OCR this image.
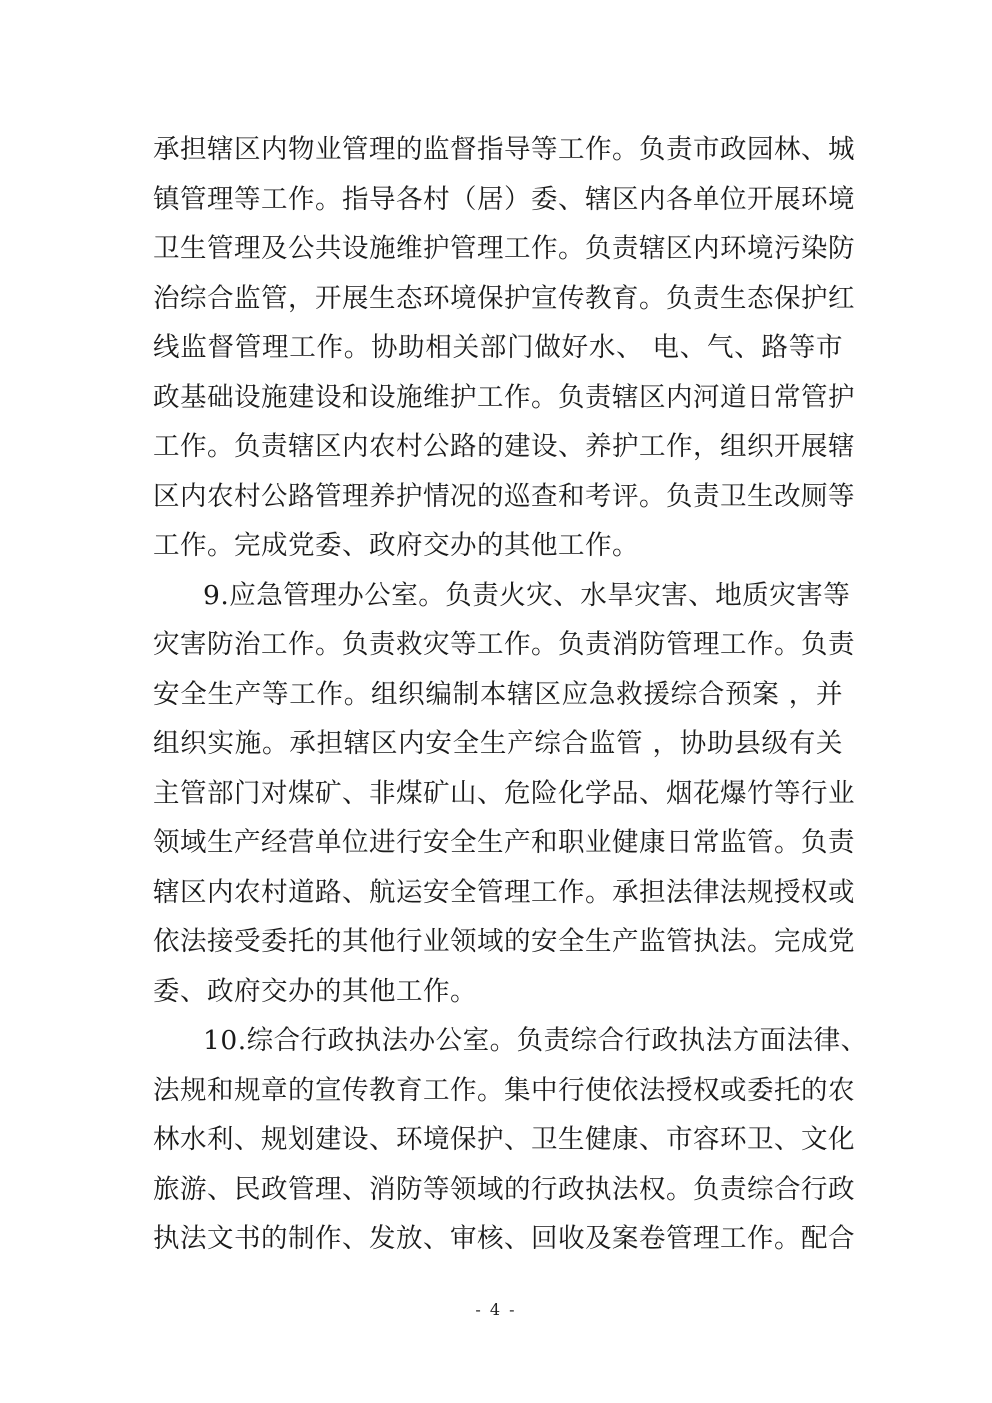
承担辖区内物业管理的监督指导等工作。负责市政园林、城
镇管理等工作。指导各村（居）委、辖区内各单位开展环境
卫生管理及公共设施维护管理工作。负责辖区内环境污染防
治综合监管，开展生态环境保护宣传教育。负责生态保护红
线监督管理工作。协助相关部门做好水、 电、气、路等市
政基础设施建设和设施维护工作。负责辖区内河道日常管护
工作。负责辖区内农村公路的建设、养护工作，组织开展辖
区内农村公路管理养护情况的巡查和考评。负责卫生改厕等
工作。完成党委、政府交办的其他工作。
9.应急管理办公室。负责火灾、水旱灾害、地质灾害等
灾害防治工作。负责救灾等工作。负责消防管理工作。负责
安全生产等工作。组织编制本辖区应急救援综合预案 ，并
组织实施。承担辖区内安全生产综合监管 ，协助县级有关
主管部门对煤矿、非煤矿山、危险化学品、烟花爆竹等行业
领域生产经营单位进行安全生产和职业健康日常监管。负责
辖区内农村道路、航运安全管理工作。承担法律法规授权或
依法接受委托的其他行业领域的安全生产监管执法。完成党
委、政府交办的其他工作。
10.综合行政执法办公室。负责综合行政执法方面法律、
法规和规章的宣传教育工作。集中行使依法授权或委托的农
林水利、规划建设、环境保护、卫生健康、市容环卫、文化
旅游、民政管理、消防等领域的行政执法权。负责综合行政
执法文书的制作、发放、审核、回收及案卷管理工作。配合
- 4 -
